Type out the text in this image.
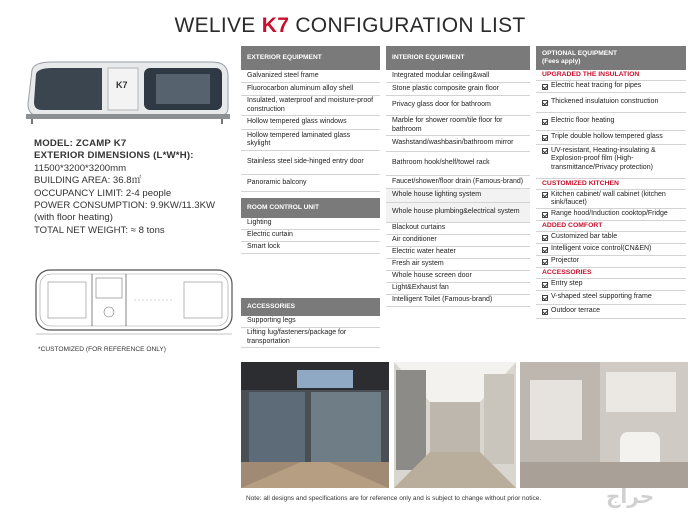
WELIVE K7 CONFIGURATION LIST
K7
MODEL: ZCAMP K7
EXTERIOR DIMENSIONS (L*W*H):
11500*3200*3200mm
BUILDING AREA: 36.8㎡
OCCUPANCY LIMIT: 2-4 people
POWER CONSUMPTION: 9.9KW/11.3KW
(with floor heating)
TOTAL NET WEIGHT: ≈ 8 tons
*CUSTOMIZED (FOR REFERENCE ONLY)
EXTERIOR EQUIPMENT
Galvanized steel frame
Fluorocarbon aluminum alloy shell
Insulated, waterproof and moisture-proof construction
Hollow tempered glass windows
Hollow tempered laminated glass skylight
Stainless steel side-hinged entry door
Panoramic balcony
ROOM CONTROL UNIT
Lighting
Electric curtain
Smart lock
ACCESSORIES
Supporting legs
Lifting lug/fasteners/package for transportation
INTERIOR EQUIPMENT
Integrated modular ceiling&wall
Stone plastic composite grain floor
Privacy glass door for bathroom
Marble for shower room/tile floor for bathroom
Washstand/washbasin/bathroom mirror
Bathroom hook/shelf/towel rack
Faucet/shower/floor drain (Famous-brand)
Whole house lighting system
Whole house plumbing&electrical system
Blackout curtains
Air conditioner
Electric water heater
Fresh air system
Whole house screen door
Light&Exhaust fan
Intelligent Toilet (Famous-brand)
OPTIONAL EQUIPMENT
(Fees apply)
UPGRADED THE INSULATION
Electric heat tracing for pipes
Thickened insulatuion construction
Electric floor heating
Triple double hollow tempered glass
UV-resistant, Heating-insulating & Explosion-proof film (High-transmittance/Privacy protection)
CUSTOMIZED KITCHEN
Kitchen cabinet/ wall cabinet (kitchen sink/faucet)
Range hood/Induction cooktop/Fridge
ADDED COMFORT
Customized bar table
Intelligent voice control(CN&EN)
Projector
ACCESSORIES
Entry step
V-shaped steel supporting frame
Outdoor terrace
Note: all designs and specifications are for reference only and is subject to change without prior notice.	حراج
